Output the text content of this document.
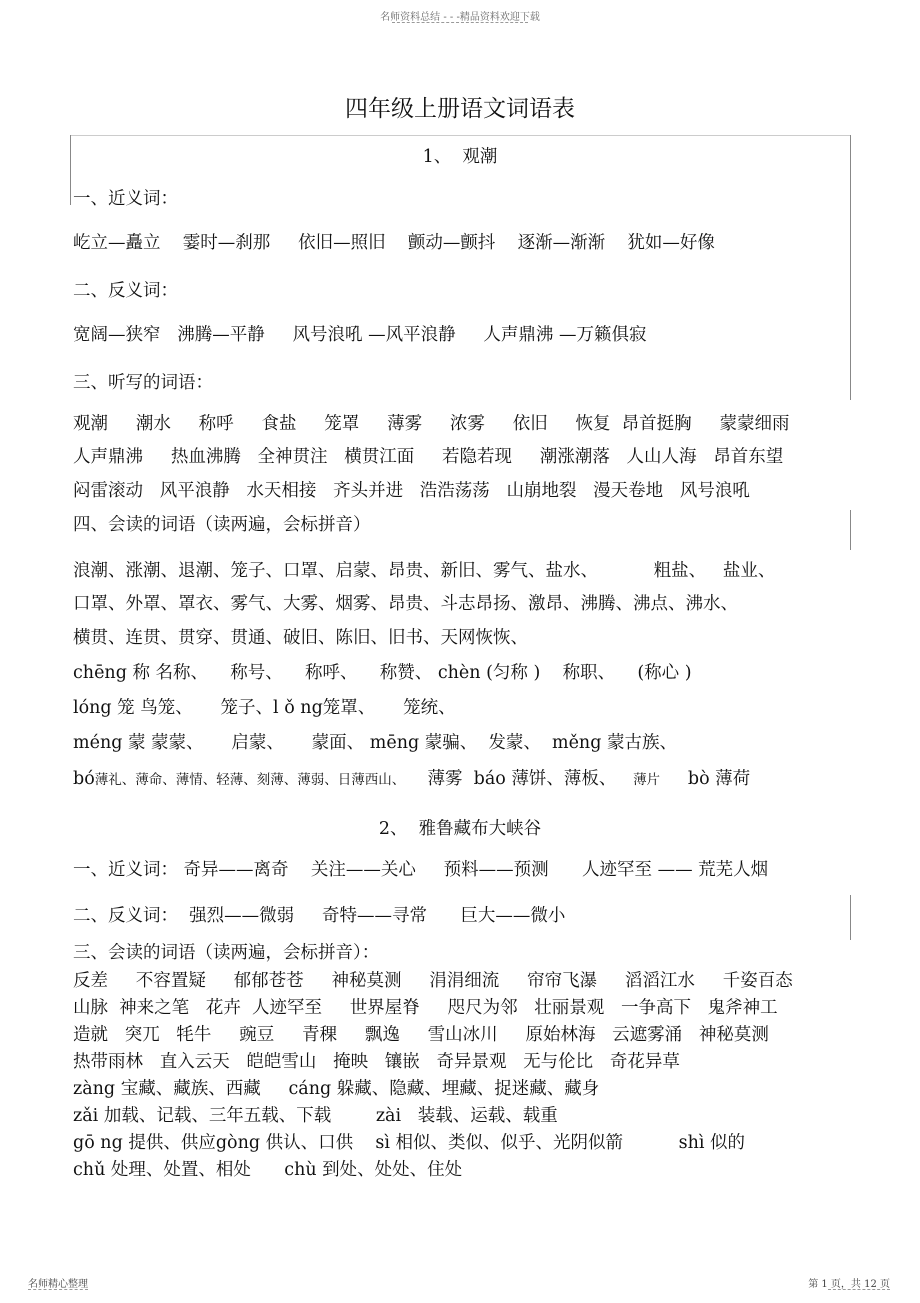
名师资料总结 - - -精品资料欢迎下载
四年级上册语文词语表
1、  观潮
一、近义词：
屹立—矗立    霎时—刹那     依旧—照旧    颤动—颤抖    逐渐—渐渐    犹如—好像
二、反义词：
宽阔—狭窄   沸腾—平静     风号浪吼 —风平浪静     人声鼎沸 —万籁俱寂
三、听写的词语：
观潮     潮水     称呼     食盐     笼罩     薄雾     浓雾     依旧     恢复  昂首挺胸     蒙蒙细雨
人声鼎沸     热血沸腾   全神贯注   横贯江面     若隐若现     潮涨潮落   人山人海   昂首东望
闷雷滚动   风平浪静   水天相接   齐头并进   浩浩荡荡   山崩地裂   漫天卷地   风号浪吼
四、会读的词语（读两遍，会标拼音）
浪潮、涨潮、退潮、笼子、口罩、启蒙、昂贵、新旧、雾气、盐水、          粗盐、   盐业、
口罩、外罩、罩衣、雾气、大雾、烟雾、昂贵、斗志昂扬、激昂、沸腾、沸点、沸水、
横贯、连贯、贯穿、贯通、破旧、陈旧、旧书、天网恢恢、
chēng 称 名称、    称号、    称呼、    称赞、 chèn (匀称 )    称职、    (称心 )
lóng 笼 鸟笼、     笼子、l ǒ ng笼罩、     笼统、
méng 蒙 蒙蒙、     启蒙、     蒙面、 mēng 蒙骗、  发蒙、  měng 蒙古族、
bó薄礼、薄命、薄情、轻薄、刻薄、薄弱、日薄西山、    薄雾  báo 薄饼、薄板、   薄片     bò 薄荷
2、  雅鲁藏布大峡谷
一、近义词： 奇异——离奇    关注——关心     预料——预测      人迹罕至 —— 荒芜人烟
二、反义词：  强烈——微弱     奇特——寻常      巨大——微小
三、会读的词语（读两遍，会标拼音）：
反差     不容置疑     郁郁苍苍     神秘莫测     涓涓细流     帘帘飞瀑     滔滔江水     千姿百态
山脉  神来之笔   花卉  人迹罕至     世界屋脊     咫尺为邻   壮丽景观   一争高下   鬼斧神工
造就   突兀   牦牛     豌豆     青稞     飘逸     雪山冰川     原始林海   云遮雾涌   神秘莫测
热带雨林   直入云天   皑皑雪山   掩映   镶嵌   奇异景观   无与伦比   奇花异草
zàng 宝藏、藏族、西藏     cáng 躲藏、隐藏、埋藏、捉迷藏、藏身
zǎi 加载、记载、三年五载、下载        zài   装载、运载、载重
gō ng 提供、供应gòng 供认、口供    sì 相似、类似、似乎、光阴似箭          shì 似的
chǔ 处理、处置、相处      chù 到处、处处、住处
名师精心整理	第 1 页，共 12 页
